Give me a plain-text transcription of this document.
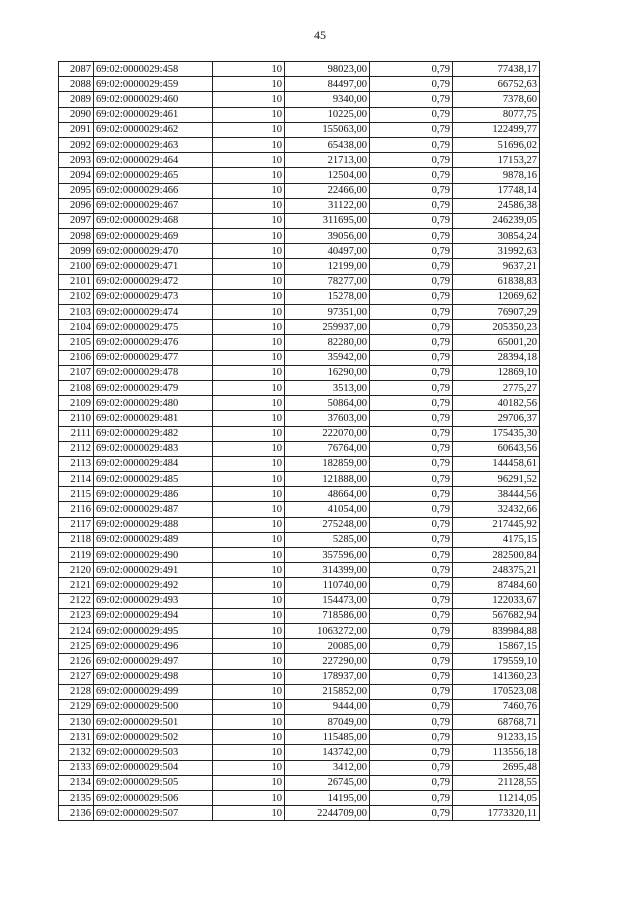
45
2087	69:02:0000029:458	10	98023,00	0,79	77438,17
2088	69:02:0000029:459	10	84497,00	0,79	66752,63
2089	69:02:0000029:460	10	9340,00	0,79	7378,60
2090	69:02:0000029:461	10	10225,00	0,79	8077,75
2091	69:02:0000029:462	10	155063,00	0,79	122499,77
2092	69:02:0000029:463	10	65438,00	0,79	51696,02
2093	69:02:0000029:464	10	21713,00	0,79	17153,27
2094	69:02:0000029:465	10	12504,00	0,79	9878,16
2095	69:02:0000029:466	10	22466,00	0,79	17748,14
2096	69:02:0000029:467	10	31122,00	0,79	24586,38
2097	69:02:0000029:468	10	311695,00	0,79	246239,05
2098	69:02:0000029:469	10	39056,00	0,79	30854,24
2099	69:02:0000029:470	10	40497,00	0,79	31992,63
2100	69:02:0000029:471	10	12199,00	0,79	9637,21
2101	69:02:0000029:472	10	78277,00	0,79	61838,83
2102	69:02:0000029:473	10	15278,00	0,79	12069,62
2103	69:02:0000029:474	10	97351,00	0,79	76907,29
2104	69:02:0000029:475	10	259937,00	0,79	205350,23
2105	69:02:0000029:476	10	82280,00	0,79	65001,20
2106	69:02:0000029:477	10	35942,00	0,79	28394,18
2107	69:02:0000029:478	10	16290,00	0,79	12869,10
2108	69:02:0000029:479	10	3513,00	0,79	2775,27
2109	69:02:0000029:480	10	50864,00	0,79	40182,56
2110	69:02:0000029:481	10	37603,00	0,79	29706,37
2111	69:02:0000029:482	10	222070,00	0,79	175435,30
2112	69:02:0000029:483	10	76764,00	0,79	60643,56
2113	69:02:0000029:484	10	182859,00	0,79	144458,61
2114	69:02:0000029:485	10	121888,00	0,79	96291,52
2115	69:02:0000029:486	10	48664,00	0,79	38444,56
2116	69:02:0000029:487	10	41054,00	0,79	32432,66
2117	69:02:0000029:488	10	275248,00	0,79	217445,92
2118	69:02:0000029:489	10	5285,00	0,79	4175,15
2119	69:02:0000029:490	10	357596,00	0,79	282500,84
2120	69:02:0000029:491	10	314399,00	0,79	248375,21
2121	69:02:0000029:492	10	110740,00	0,79	87484,60
2122	69:02:0000029:493	10	154473,00	0,79	122033,67
2123	69:02:0000029:494	10	718586,00	0,79	567682,94
2124	69:02:0000029:495	10	1063272,00	0,79	839984,88
2125	69:02:0000029:496	10	20085,00	0,79	15867,15
2126	69:02:0000029:497	10	227290,00	0,79	179559,10
2127	69:02:0000029:498	10	178937,00	0,79	141360,23
2128	69:02:0000029:499	10	215852,00	0,79	170523,08
2129	69:02:0000029:500	10	9444,00	0,79	7460,76
2130	69:02:0000029:501	10	87049,00	0,79	68768,71
2131	69:02:0000029:502	10	115485,00	0,79	91233,15
2132	69:02:0000029:503	10	143742,00	0,79	113556,18
2133	69:02:0000029:504	10	3412,00	0,79	2695,48
2134	69:02:0000029:505	10	26745,00	0,79	21128,55
2135	69:02:0000029:506	10	14195,00	0,79	11214,05
2136	69:02:0000029:507	10	2244709,00	0,79	1773320,11
